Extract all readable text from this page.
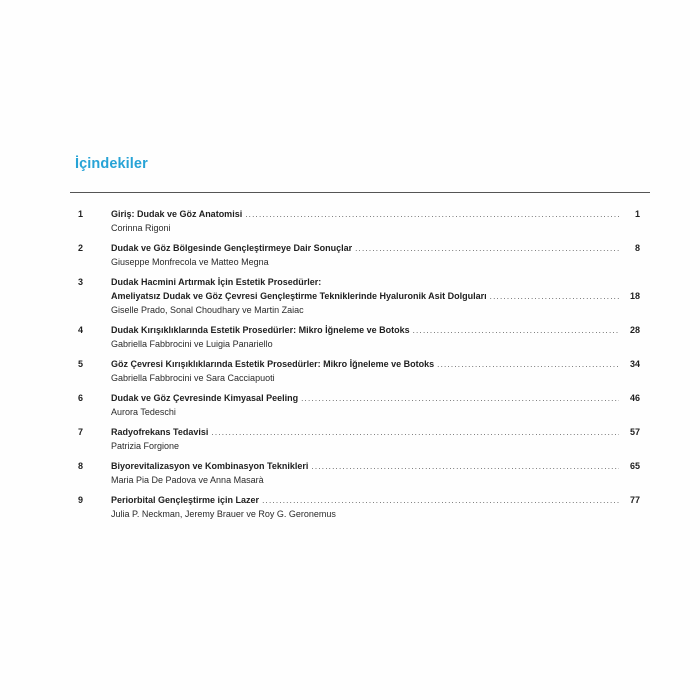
İçindekiler
1	Giriş: Dudak ve Göz Anatomisi . . .	1
Corinna Rigoni
2	Dudak ve Göz Bölgesinde Gençleştirmeye Dair Sonuçlar . . .	8
Giuseppe Monfrecola ve Matteo Megna
3	Dudak Hacmini Artırmak İçin Estetik Prosedürler:
Ameliyatsız Dudak ve Göz Çevresi Gençleştirme Tekniklerinde Hyaluronik Asit Dolguları . . .	18
Giselle Prado, Sonal Choudhary ve Martin Zaiac
4	Dudak Kırışıklıklarında Estetik Prosedürler: Mikro İğneleme ve Botoks . . .	28
Gabriella Fabbrocini ve Luigia Panariello
5	Göz Çevresi Kırışıklıklarında Estetik Prosedürler: Mikro İğneleme ve Botoks . . .	34
Gabriella Fabbrocini ve Sara Cacciapuoti
6	Dudak ve Göz Çevresinde Kimyasal Peeling . . .	46
Aurora Tedeschi
7	Radyofrekans Tedavisi . . .	57
Patrizia Forgione
8	Biyorevitalizasyon ve Kombinasyon Teknikleri . . .	65
Maria Pia De Padova ve Anna Masarà
9	Periorbital Gençleştirme için Lazer . . .	77
Julia P. Neckman, Jeremy Brauer ve Roy G. Geronemus
